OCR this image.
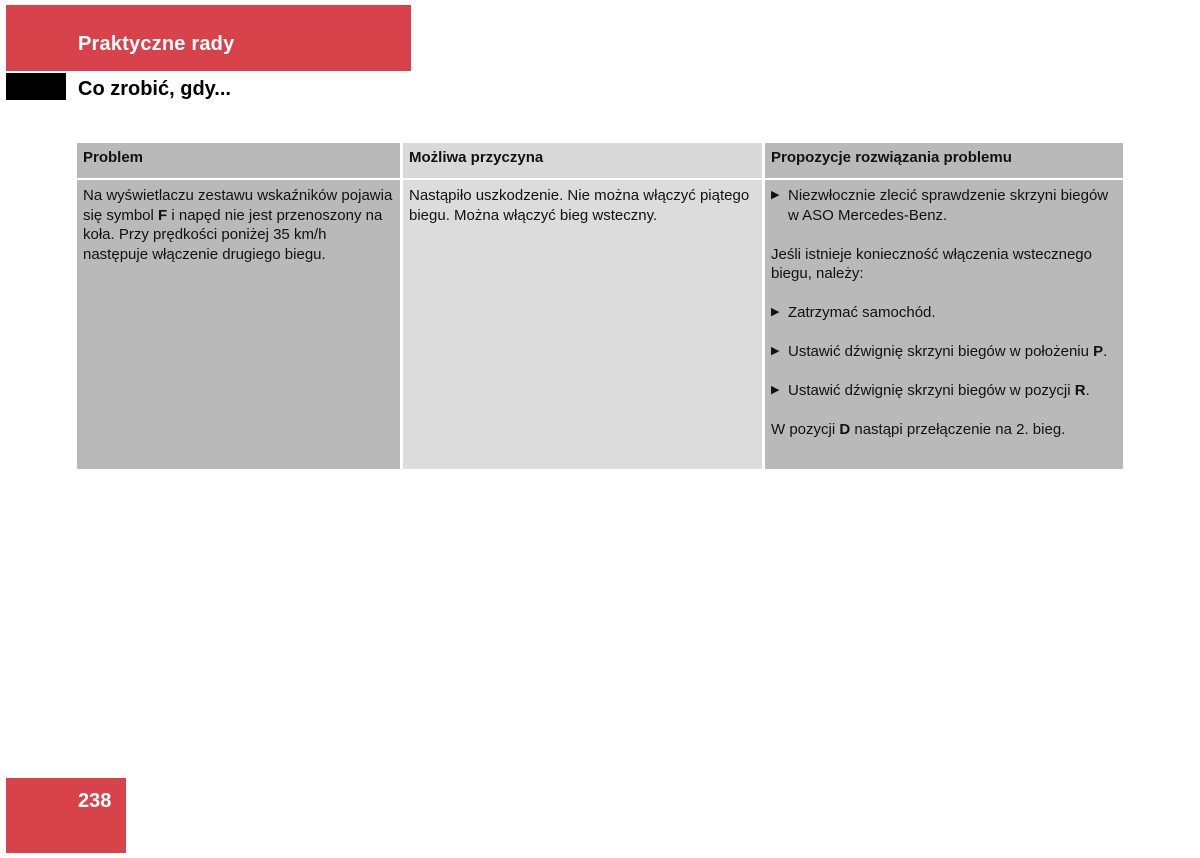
Praktyczne rady
Co zrobić, gdy...
Problem	Możliwa przyczyna	Propozycje rozwiązania problemu
Na wyświetlaczu zestawu wskaźników pojawia się symbol F i napęd nie jest przenoszony na koła. Przy prędkości poniżej 35 km/h następuje włączenie drugiego biegu.
Nastąpiło uszkodzenie. Nie można włączyć piątego biegu. Można włączyć bieg wsteczny.
▶ Niezwłocznie zlecić sprawdzenie skrzyni biegów w ASO Mercedes-Benz.
Jeśli istnieje konieczność włączenia wstecznego biegu, należy:
▶ Zatrzymać samochód.
▶ Ustawić dźwignię skrzyni biegów w położeniu P.
▶ Ustawić dźwignię skrzyni biegów w pozycji R.
W pozycji D nastąpi przełączenie na 2. bieg.
238
